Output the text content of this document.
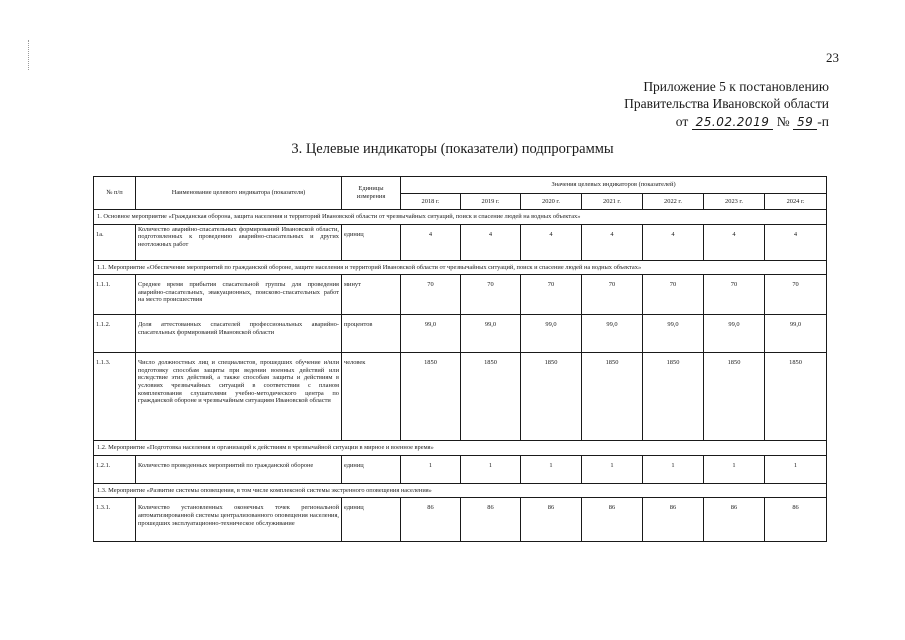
23
Приложение 5 к постановлению
Правительства Ивановской области
от 25.02.2019 № 59 -п
3. Целевые индикаторы (показатели) подпрограммы
№ п/п	Наименование целевого индикатора (показателя)	Единицы измерения	Значения целевых индикаторов (показателей)						
			2018 г.	2019 г.	2020 г.	2021 г.	2022 г.	2023 г.	2024 г.
1. Основное мероприятие «Гражданская оборона, защита населения и территорий Ивановской области от чрезвычайных ситуаций, поиск и спасение людей на водных объектах»									
1а.	Количество аварийно-спасательных формирований Ивановской области, подготовленных к проведению аварийно-спасательных и других неотложных работ	единиц	4	4	4	4	4	4	4
1.1. Мероприятие «Обеспечение мероприятий по гражданской обороне, защите населения и территорий Ивановской области от чрезвычайных ситуаций, поиск и спасение людей на водных объектах»									
1.1.1.	Среднее время прибытия спасательной группы для проведения аварийно-спасательных, эвакуационных, поисково-спасательных работ на место происшествия	минут	70	70	70	70	70	70	70
1.1.2.	Доля аттестованных спасателей профессиональных аварийно-спасательных формирований Ивановской области	процентов	99,0	99,0	99,0	99,0	99,0	99,0	99,0
1.1.3.	Число должностных лиц и специалистов, прошедших обучение и/или подготовку способам защиты при ведении военных действий или вследствие этих действий, а также способам защиты и действиям в условиях чрезвычайных ситуаций в соответствии с планом комплектования слушателями учебно-методического центра по гражданской обороне и чрезвычайным ситуациям Ивановской области	человек	1850	1850	1850	1850	1850	1850	1850
1.2. Мероприятие «Подготовка населения и организаций к действиям в чрезвычайной ситуации в мирное и военное время»									
1.2.1.	Количество проведенных мероприятий по гражданской обороне	единиц	1	1	1	1	1	1	1
1.3. Мероприятие «Развитие системы оповещения, в том числе комплексной системы экстренного оповещения населения»									
1.3.1.	Количество установленных оконечных точек региональной автоматизированной системы централизованного оповещения населения, прошедших эксплуатационно-техническое обслуживание	единиц	86	86	86	86	86	86	86
